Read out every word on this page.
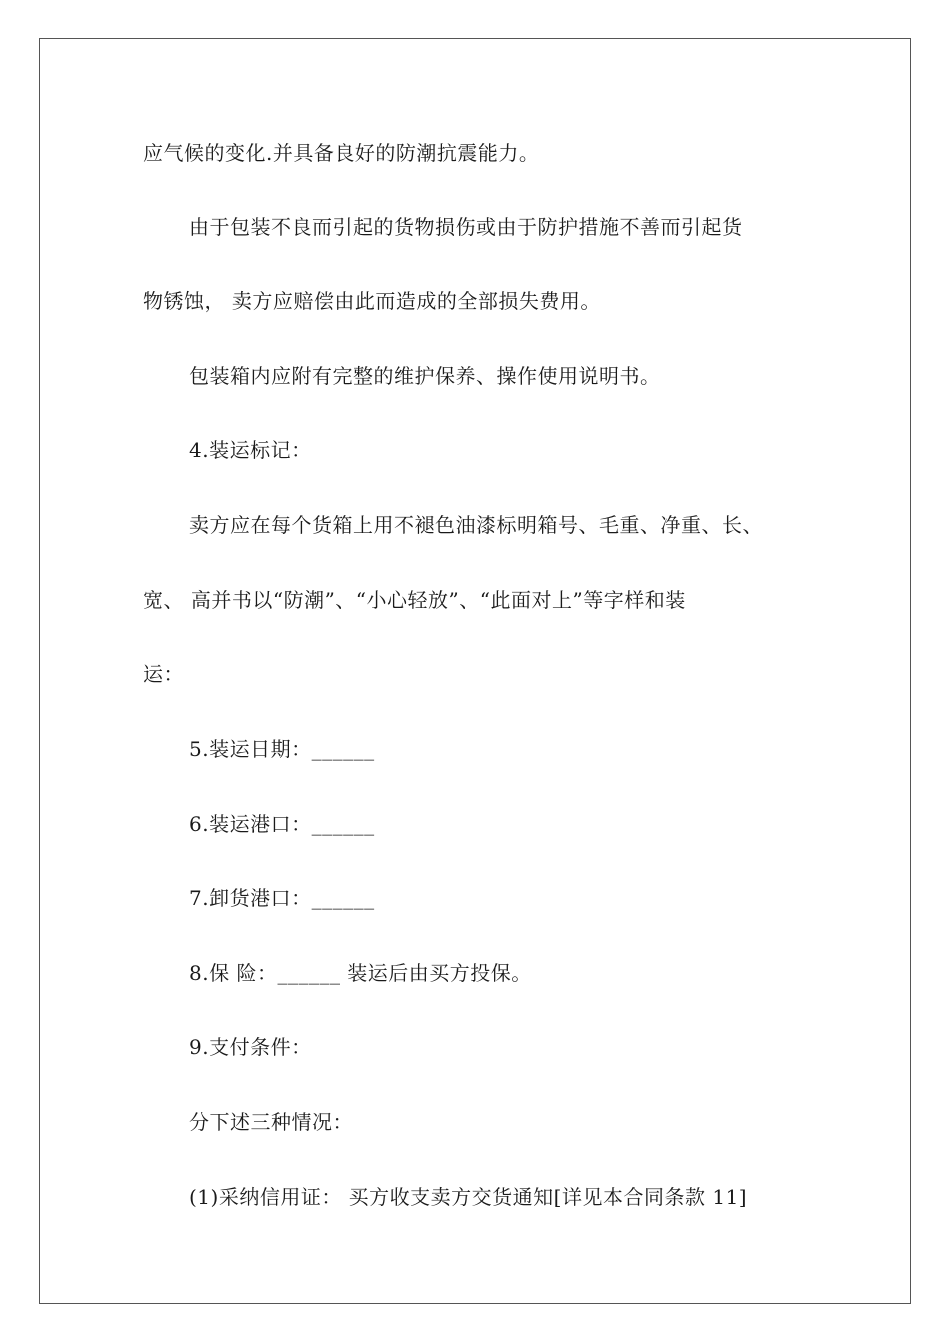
应气候的变化.并具备良好的防潮抗震能力。
由于包装不良而引起的货物损伤或由于防护措施不善而引起货
物锈蚀， 卖方应赔偿由此而造成的全部损失费用。
包装箱内应附有完整的维护保养、操作使用说明书。
4.装运标记：
卖方应在每个货箱上用不褪色油漆标明箱号、毛重、净重、长、
宽、 高并书以“防潮”、“小心轻放”、“此面对上”等字样和装
运：
5.装运日期：______
6.装运港口：______
7.卸货港口：______
8.保 险：______ 装运后由买方投保。
9.支付条件：
分下述三种情况：
(1)采纳信用证： 买方收支卖方交货通知[详见本合同条款 11]
